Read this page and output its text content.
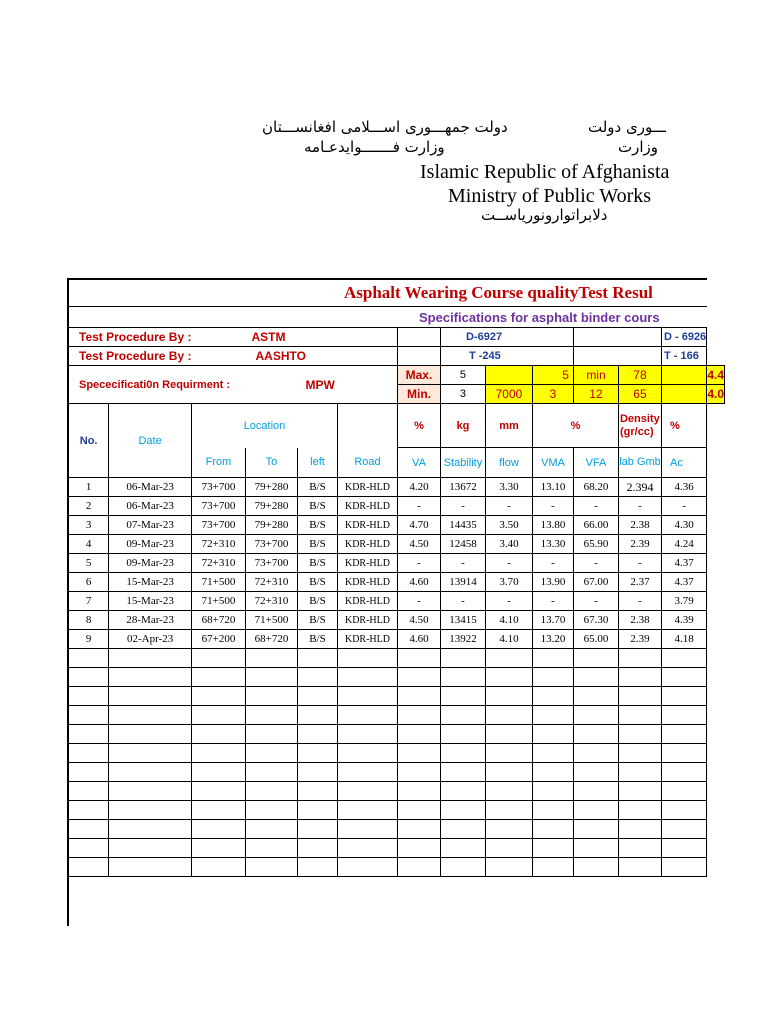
دولت جمهـــوری اســـلامی افغانســـتان	ـــوری دولت
وزارت فـــــــوایدعـامه	وزارت
Islamic Republic of Afghanista
Ministry of Public Works
دلابراتوارونوریاســت
Asphalt Wearing Course qualityTest Resul													
Specifications for asphalt binder cours													
Test Procedure By :		ASTM					D-6927					D - 6926	
Test Procedure By :		AASHTO					T -245					T - 166	
Spececificati0n Requirment :				MPW		Max.	5		5	min	78		4.4
						Min.	3	7000	3	12	65		4.0
No.	Date	Location				%	kg	mm	%		Density (gr/cc)	%	
		From	To	left	Road	VA	Stability	flow	VMA	VFA	lab Gmb	Ac	
1	06-Mar-23	73+700	79+280	B/S	KDR-HLD	4.20	13672	3.30	13.10	68.20	2.394	4.36	
2	06-Mar-23	73+700	79+280	B/S	KDR-HLD	-	-	-	-	-	-	-	
3	07-Mar-23	73+700	79+280	B/S	KDR-HLD	4.70	14435	3.50	13.80	66.00	2.38	4.30	
4	09-Mar-23	72+310	73+700	B/S	KDR-HLD	4.50	12458	3.40	13.30	65.90	2.39	4.24	
5	09-Mar-23	72+310	73+700	B/S	KDR-HLD	-	-	-	-	-	-	4.37	
6	15-Mar-23	71+500	72+310	B/S	KDR-HLD	4.60	13914	3.70	13.90	67.00	2.37	4.37	
7	15-Mar-23	71+500	72+310	B/S	KDR-HLD	-	-	-	-	-	-	3.79	
8	28-Mar-23	68+720	71+500	B/S	KDR-HLD	4.50	13415	4.10	13.70	67.30	2.38	4.39	
9	02-Apr-23	67+200	68+720	B/S	KDR-HLD	4.60	13922	4.10	13.20	65.00	2.39	4.18	
